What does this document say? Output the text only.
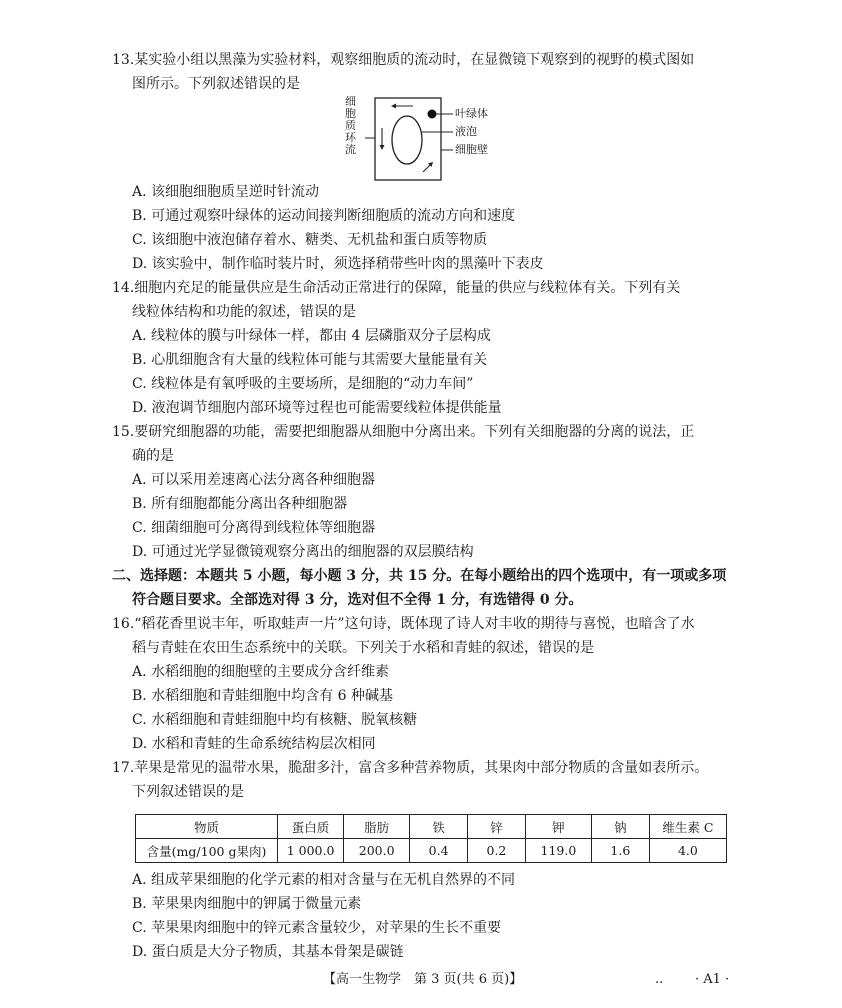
13.某实验小组以黑藻为实验材料，观察细胞质的流动时，在显微镜下观察到的视野的模式图如
图所示。下列叙述错误的是
细胞质环流
叶绿体
液泡
细胞壁
A. 该细胞细胞质呈逆时针流动
B. 可通过观察叶绿体的运动间接判断细胞质的流动方向和速度
C. 该细胞中液泡储存着水、糖类、无机盐和蛋白质等物质
D. 该实验中，制作临时装片时，须选择稍带些叶肉的黑藻叶下表皮
14.细胞内充足的能量供应是生命活动正常进行的保障，能量的供应与线粒体有关。下列有关
线粒体结构和功能的叙述，错误的是
A. 线粒体的膜与叶绿体一样，都由 4 层磷脂双分子层构成
B. 心肌细胞含有大量的线粒体可能与其需要大量能量有关
C. 线粒体是有氧呼吸的主要场所，是细胞的“动力车间”
D. 液泡调节细胞内部环境等过程也可能需要线粒体提供能量
15.要研究细胞器的功能，需要把细胞器从细胞中分离出来。下列有关细胞器的分离的说法，正
确的是
A. 可以采用差速离心法分离各种细胞器
B. 所有细胞都能分离出各种细胞器
C. 细菌细胞可分离得到线粒体等细胞器
D. 可通过光学显微镜观察分离出的细胞器的双层膜结构
二、选择题：本题共 5 小题，每小题 3 分，共 15 分。在每小题给出的四个选项中，有一项或多项
符合题目要求。全部选对得 3 分，选对但不全得 1 分，有选错得 0 分。
16.“稻花香里说丰年，听取蛙声一片”这句诗，既体现了诗人对丰收的期待与喜悦，也暗含了水
稻与青蛙在农田生态系统中的关联。下列关于水稻和青蛙的叙述，错误的是
A. 水稻细胞的细胞壁的主要成分含纤维素
B. 水稻细胞和青蛙细胞中均含有 6 种碱基
C. 水稻细胞和青蛙细胞中均有核糖、脱氧核糖
D. 水稻和青蛙的生命系统结构层次相同
17.苹果是常见的温带水果，脆甜多汁，富含多种营养物质，其果肉中部分物质的含量如表所示。
下列叙述错误的是
物质	蛋白质	脂肪	铁	锌	钾	钠	维生素 C
含量(mg/100 g果肉)	1 000.0	200.0	0.4	0.2	119.0	1.6	4.0
A. 组成苹果细胞的化学元素的相对含量与在无机自然界的不同
B. 苹果果肉细胞中的钾属于微量元素
C. 苹果果肉细胞中的锌元素含量较少，对苹果的生长不重要
D. 蛋白质是大分子物质，其基本骨架是碳链
【高一生物学　第 3 页(共 6 页)】	.. · A1 ·
